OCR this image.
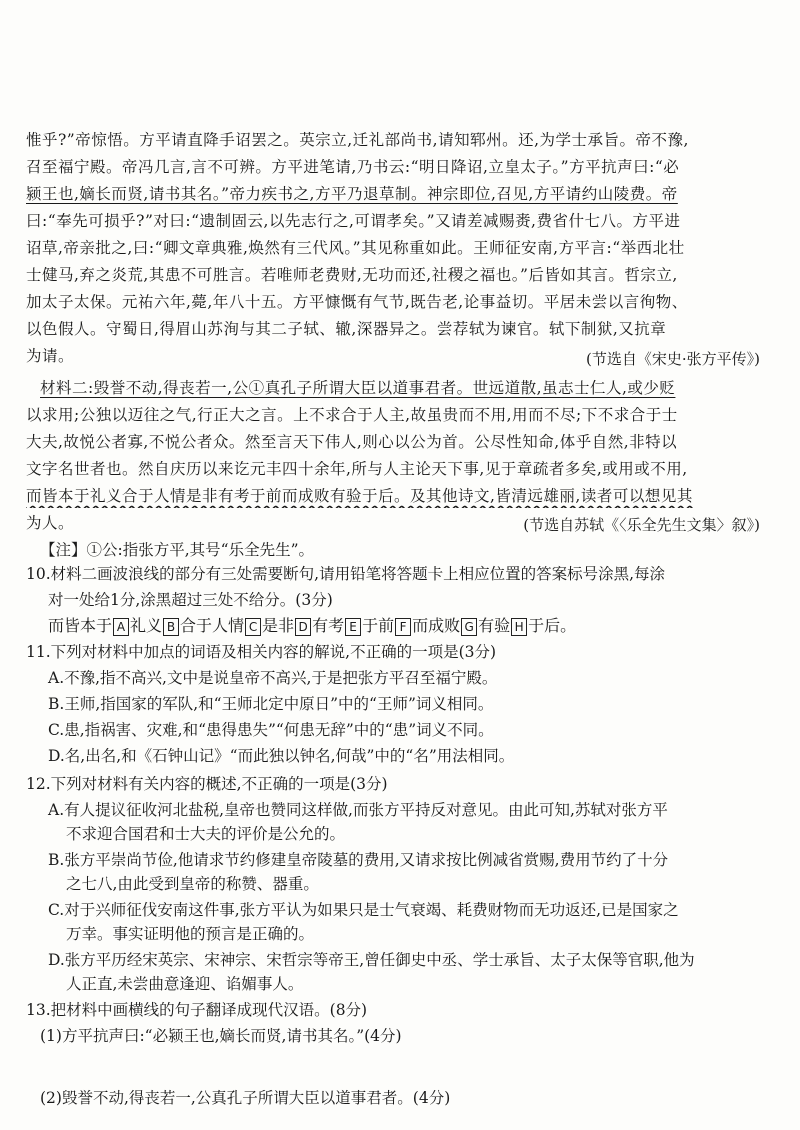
惟乎?”帝惊悟。方平请直降手诏罢之。英宗立,迁礼部尚书,请知郓州。还,为学士承旨。帝不豫,
召至福宁殿。帝冯几言,言不可辨。方平进笔请,乃书云:“明日降诏,立皇太子。”方平抗声曰:“必
颍王也,嫡长而贤,请书其名。”帝力疾书之,方平乃退草制。神宗即位,召见,方平请约山陵费。帝
曰:“奉先可损乎?”对曰:“遗制固云,以先志行之,可谓孝矣。”又请差减赐赉,费省什七八。方平进
诏草,帝亲批之,曰:“卿文章典雅,焕然有三代风。”其见称重如此。王师征安南,方平言:“举西北壮
士健马,弃之炎荒,其患不可胜言。若唯师老费财,无功而还,社稷之福也。”后皆如其言。哲宗立,
加太子太保。元祐六年,薨,年八十五。方平慷慨有气节,既告老,论事益切。平居未尝以言徇物、
以色假人。守蜀日,得眉山苏洵与其二子轼、辙,深器异之。尝荐轼为谏官。轼下制狱,又抗章
为请。	(节选自《宋史·张方平传》)
材料二:毁誉不动,得丧若一,公①真孔子所谓大臣以道事君者。世远道散,虽志士仁人,或少贬
以求用;公独以迈往之气,行正大之言。上不求合于人主,故虽贵而不用,用而不尽;下不求合于士
大夫,故悦公者寡,不悦公者众。然至言天下伟人,则心以公为首。公尽性知命,体乎自然,非特以
文字名世者也。然自庆历以来讫元丰四十余年,所与人主论天下事,见于章疏者多矣,或用或不用,
而皆本于礼义合于人情是非有考于前而成败有验于后。及其他诗文,皆清远雄丽,读者可以想见其
为人。	(节选自苏轼《〈乐全先生文集〉叙》)
【注】①公:指张方平,其号“乐全先生”。
10.材料二画波浪线的部分有三处需要断句,请用铅笔将答题卡上相应位置的答案标号涂黑,每涂
对一处给1分,涂黑超过三处不给分。(3分)
而皆本于 A 礼义 B 合于人情 C 是非 D 有考 E 于前 F 而成败 G 有验 H 于后。
11.下列对材料中加点的词语及相关内容的解说,不正确的一项是(3分)
A.不豫,指不高兴,文中是说皇帝不高兴,于是把张方平召至福宁殿。
B.王师,指国家的军队,和“王师北定中原日”中的“王师”词义相同。
C.患,指祸害、灾难,和“患得患失”“何患无辞”中的“患”词义不同。
D.名,出名,和《石钟山记》“而此独以钟名,何哉”中的“名”用法相同。
12.下列对材料有关内容的概述,不正确的一项是(3分)
A.有人提议征收河北盐税,皇帝也赞同这样做,而张方平持反对意见。由此可知,苏轼对张方平
不求迎合国君和士大夫的评价是公允的。
B.张方平崇尚节俭,他请求节约修建皇帝陵墓的费用,又请求按比例减省赏赐,费用节约了十分
之七八,由此受到皇帝的称赞、器重。
C.对于兴师征伐安南这件事,张方平认为如果只是士气衰竭、耗费财物而无功返还,已是国家之
万幸。事实证明他的预言是正确的。
D.张方平历经宋英宗、宋神宗、宋哲宗等帝王,曾任御史中丞、学士承旨、太子太保等官职,他为
人正直,未尝曲意逢迎、谄媚事人。
13.把材料中画横线的句子翻译成现代汉语。(8分)
(1)方平抗声曰:“必颍王也,嫡长而贤,请书其名。”(4分)
(2)毁誉不动,得丧若一,公真孔子所谓大臣以道事君者。(4分)
